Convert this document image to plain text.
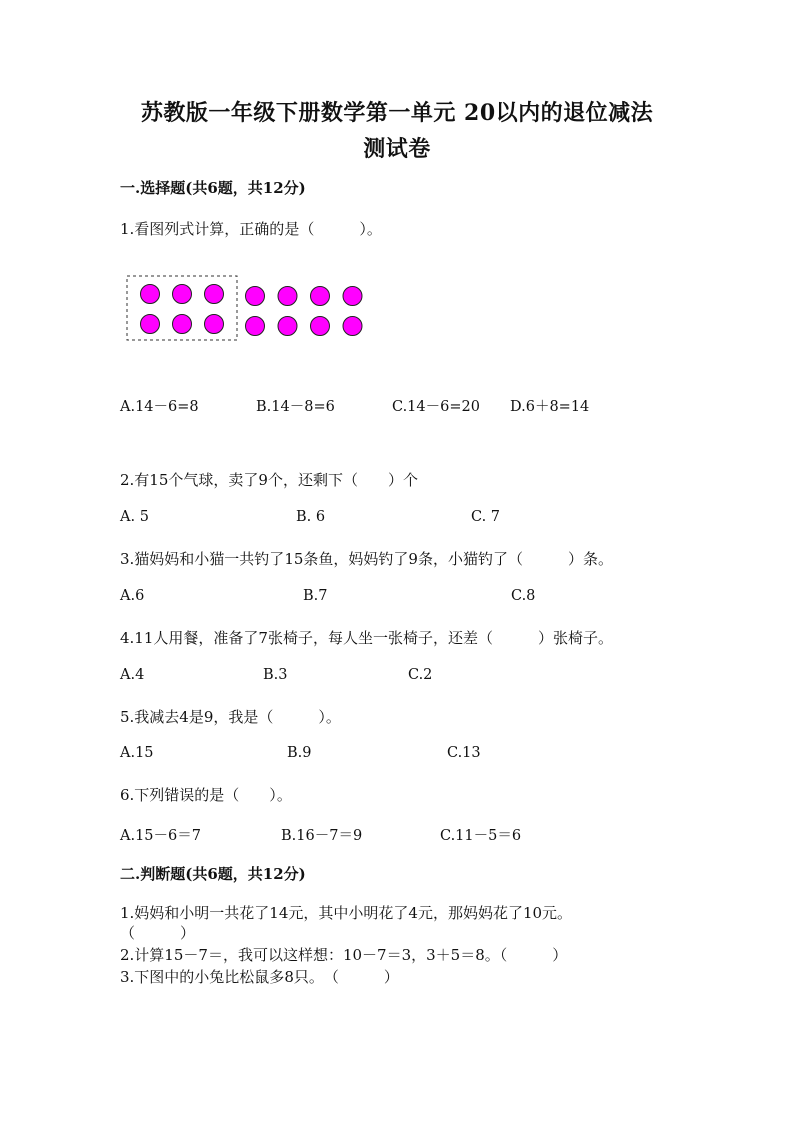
苏教版一年级下册数学第一单元 20以内的退位减法
测试卷
一.选择题(共6题，共12分)
1.看图列式计算，正确的是（　　　）。
A.14－6=8	B.14－8=6	C.14－6=20 D.6＋8=14
2.有15个气球，卖了9个，还剩下（　　）个
A. 5	B. 6	C. 7
3.猫妈妈和小猫一共钓了15条鱼，妈妈钓了9条，小猫钓了（　　　）条。
A.6	B.7	C.8
4.11人用餐，准备了7张椅子，每人坐一张椅子，还差（　　　）张椅子。
A.4	B.3	C.2
5.我减去4是9，我是（　　　）。
A.15	B.9	C.13
6.下列错误的是（　　）。
A.15－6＝7	B.16－7＝9	C.11－5＝6
二.判断题(共6题，共12分)
1.妈妈和小明一共花了14元，其中小明花了4元，那妈妈花了10元。
（　　　）
2.计算15－7＝，我可以这样想：10－7＝3，3＋5＝8。（　　　）
3.下图中的小兔比松鼠多8只。　（　　　）
